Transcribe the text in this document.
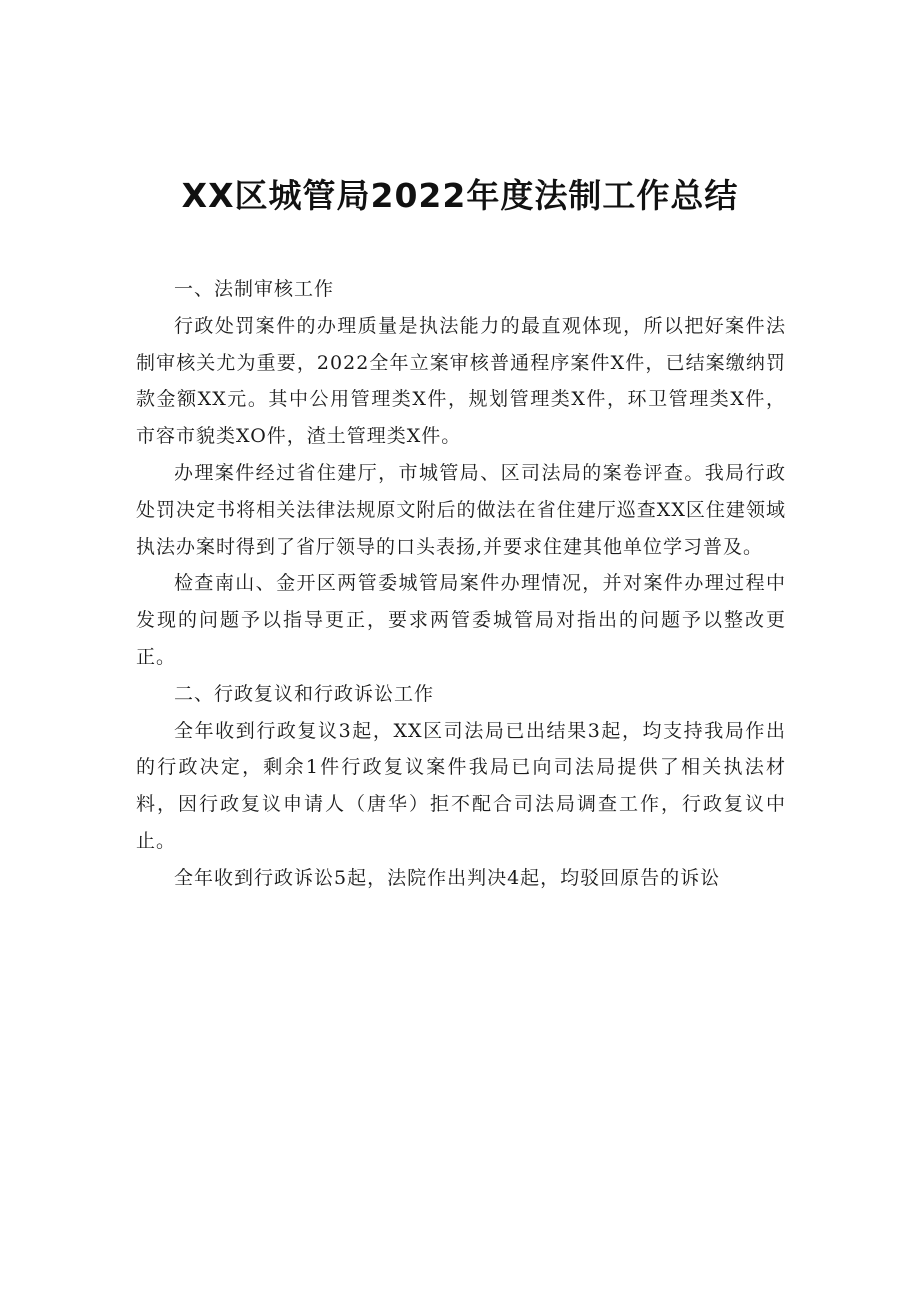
XX区城管局2022年度法制工作总结

一、法制审核工作

行政处罚案件的办理质量是执法能力的最直观体现，所以把好案件法制审核关尤为重要，2022全年立案审核普通程序案件X件，已结案缴纳罚款金额XX元。其中公用管理类X件，规划管理类X件，环卫管理类X件，市容市貌类XO件，渣土管理类X件。

办理案件经过省住建厅，市城管局、区司法局的案卷评查。我局行政处罚决定书将相关法律法规原文附后的做法在省住建厅巡查XX区住建领域执法办案时得到了省厅领导的口头表扬,并要求住建其他单位学习普及。

检查南山、金开区两管委城管局案件办理情况，并对案件办理过程中发现的问题予以指导更正，要求两管委城管局对指出的问题予以整改更正。

二、行政复议和行政诉讼工作

全年收到行政复议3起，XX区司法局已出结果3起，均支持我局作出的行政决定，剩余1件行政复议案件我局已向司法局提供了相关执法材料，因行政复议申请人（唐华）拒不配合司法局调查工作，行政复议中止。

全年收到行政诉讼5起，法院作出判决4起，均驳回原告的诉讼
